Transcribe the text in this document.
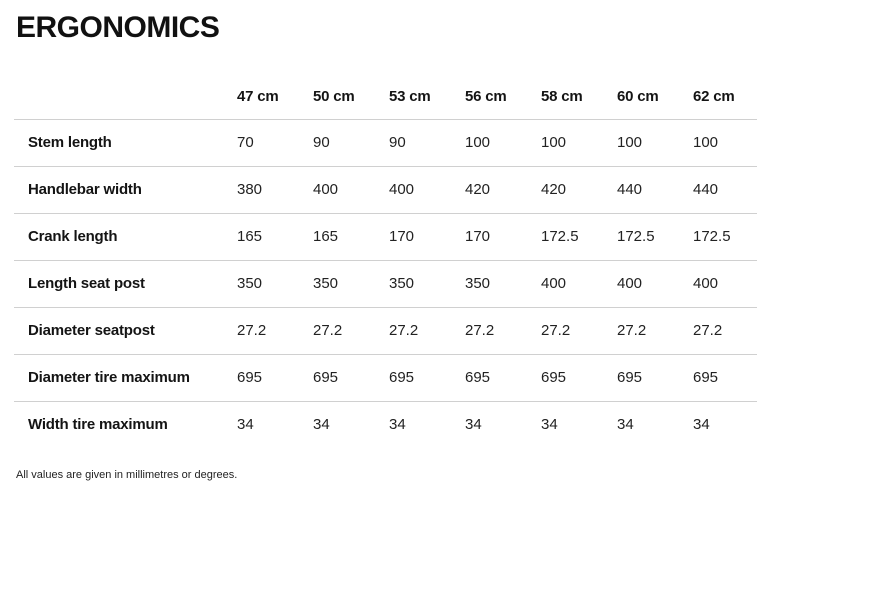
ERGONOMICS
	47 cm	50 cm	53 cm	56 cm	58 cm	60 cm	62 cm
Stem length	70	90	90	100	100	100	100
Handlebar width	380	400	400	420	420	440	440
Crank length	165	165	170	170	172.5	172.5	172.5
Length seat post	350	350	350	350	400	400	400
Diameter seatpost	27.2	27.2	27.2	27.2	27.2	27.2	27.2
Diameter tire maximum	695	695	695	695	695	695	695
Width tire maximum	34	34	34	34	34	34	34

All values are given in millimetres or degrees.
